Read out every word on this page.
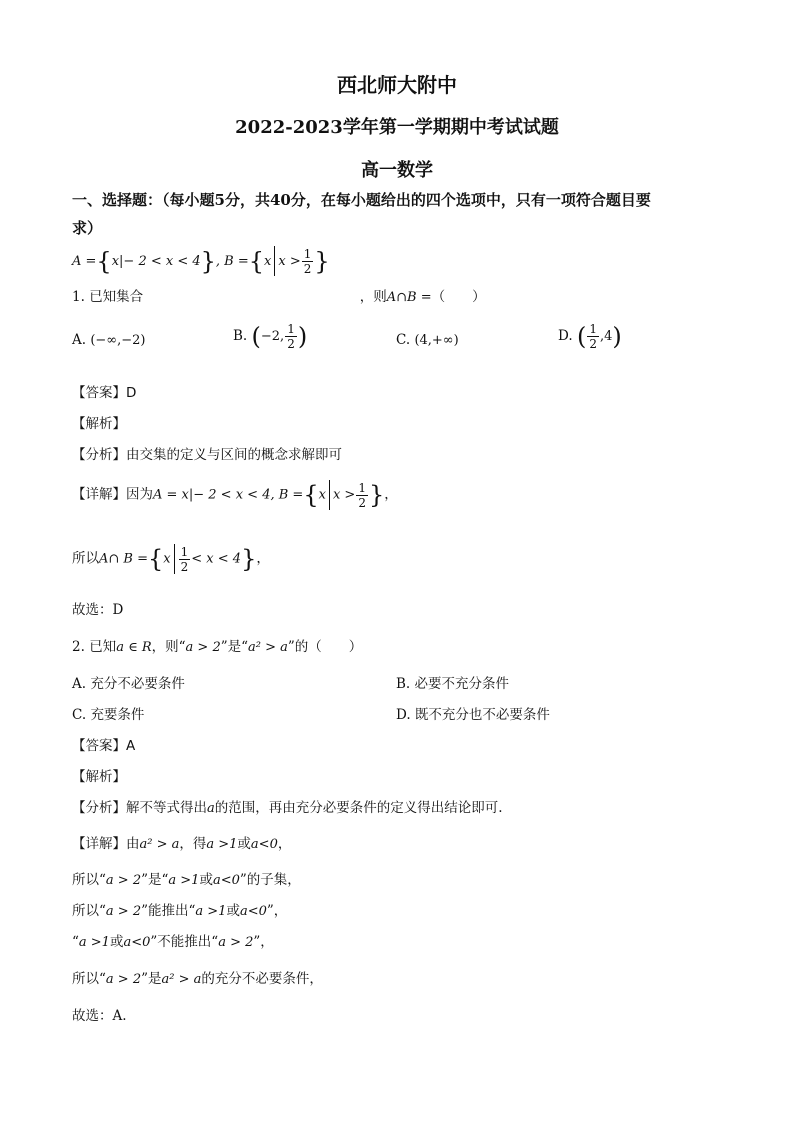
西北师大附中
2022-2023学年第一学期期中考试试题
高一数学
一、选择题：（每小题5分，共40分，在每小题给出的四个选项中，只有一项符合题目要
求）
A ={x|− 2 < x < 4}, B ={x $x > \frac{1}{2}$ }
1. 已知集合	，则A∩B =（　　）
A. (−∞,−2)	B. (−2, $\frac{1}{2}$ )	C. (4,+∞)	D. ( $\frac{1}{2} ,4$)
【答案】D
【解析】
【分析】由交集的定义与区间的概念求解即可
【详解】因为A = x|− 2 < x < 4, B ={x $x > \frac{1}{2}$ }，
所以A∩ $B =\{x \frac{1}{2} < x < 4\}$，
故选：D
2. 已知a ∈ R，则“a > 2”是“a² > a”的（　　）
A. 充分不必要条件	B. 必要不充分条件
C. 充要条件	D. 既不充分也不必要条件
【答案】A
【解析】
【分析】解不等式得出a的范围，再由充分必要条件的定义得出结论即可.
【详解】由a² > a，得a >1或a<0，
所以“a > 2”是“a >1或a<0”的子集，
所以“a > 2”能推出“a >1或a<0”，
“a >1或a<0”不能推出“a > 2”，
所以“a > 2”是a² > a的充分不必要条件，
故选：A.
